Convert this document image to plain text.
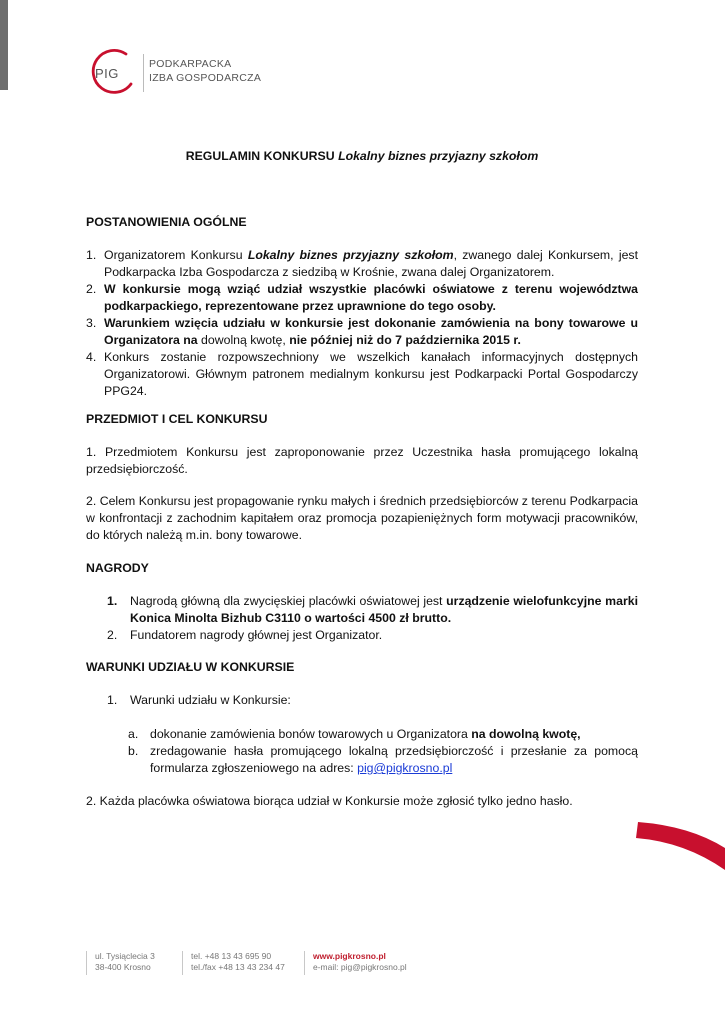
PIG
PODKARPACKA
IZBA GOSPODARCZA
REGULAMIN KONKURSU Lokalny biznes przyjazny szkołom
POSTANOWIENIA OGÓLNE
1. Organizatorem Konkursu Lokalny biznes przyjazny szkołom, zwanego dalej Konkursem, jest Podkarpacka Izba Gospodarcza z siedzibą w Krośnie, zwana dalej Organizatorem.
2. W konkursie mogą wziąć udział wszystkie placówki oświatowe z terenu województwa podkarpackiego, reprezentowane przez uprawnione do tego osoby.
3. Warunkiem wzięcia udziału w konkursie jest dokonanie zamówienia na bony towarowe u Organizatora na dowolną kwotę, nie później niż do 7 października 2015 r.
4. Konkurs zostanie rozpowszechniony we wszelkich kanałach informacyjnych dostępnych Organizatorowi. Głównym patronem medialnym konkursu jest Podkarpacki Portal Gospodarczy PPG24.
PRZEDMIOT I CEL KONKURSU
1. Przedmiotem Konkursu jest zaproponowanie przez Uczestnika hasła promującego lokalną przedsiębiorczość.
2. Celem Konkursu jest propagowanie rynku małych i średnich przedsiębiorców z terenu Podkarpacia w konfrontacji z zachodnim kapitałem oraz promocja pozapieniężnych form motywacji pracowników, do których należą m.in. bony towarowe.
NAGRODY
1. Nagrodą główną dla zwycięskiej placówki oświatowej jest urządzenie wielofunkcyjne marki Konica Minolta Bizhub C3110 o wartości 4500 zł brutto.
2. Fundatorem nagrody głównej jest Organizator.
WARUNKI UDZIAŁU W KONKURSIE
1. Warunki udziału w Konkursie:
a. dokonanie zamówienia bonów towarowych u Organizatora na dowolną kwotę,
b. zredagowanie hasła promującego lokalną przedsiębiorczość i przesłanie za pomocą formularza zgłoszeniowego na adres: pig@pigkrosno.pl
2. Każda placówka oświatowa biorąca udział w Konkursie może zgłosić tylko jedno hasło.
ul. Tysiąclecia 3
38-400 Krosno
tel. +48 13 43 695 90
tel./fax +48 13 43 234 47
www.pigkrosno.pl
e-mail: pig@pigkrosno.pl
